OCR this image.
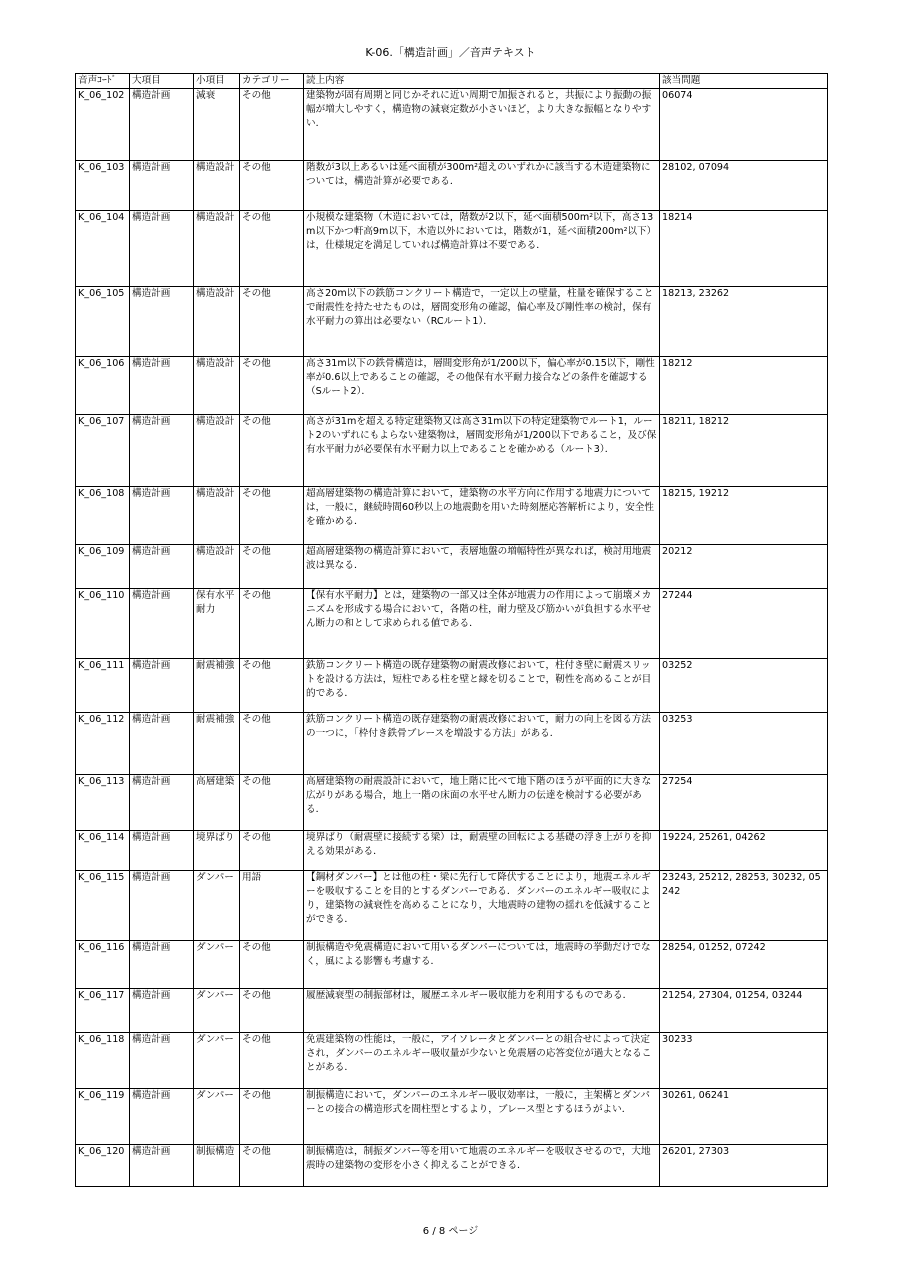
K-06.「構造計画」／音声テキスト
音声ｺｰﾄﾞ	大項目	小項目	カテゴリー	読上内容	該当問題
K_06_102	構造計画	減衰	その他	建築物が固有周期と同じかそれに近い周期で加振されると，共振により振動の振幅が増大しやすく，構造物の減衰定数が小さいほど，より大きな振幅となりやすい．	06074
K_06_103	構造計画	構造設計	その他	階数が3以上あるいは延べ面積が300m²超えのいずれかに該当する木造建築物については，構造計算が必要である．	28102, 07094
K_06_104	構造計画	構造設計	その他	小規模な建築物（木造においては，階数が2以下，延べ面積500m²以下，高さ13m以下かつ軒高9m以下，木造以外においては，階数が1，延べ面積200m²以下）は，仕様規定を満足していれば構造計算は不要である．	18214
K_06_105	構造計画	構造設計	その他	高さ20m以下の鉄筋コンクリート構造で，一定以上の壁量，柱量を確保することで耐震性を持たせたものは，層間変形角の確認，偏心率及び剛性率の検討，保有水平耐力の算出は必要ない（RCルート1）．	18213, 23262
K_06_106	構造計画	構造設計	その他	高さ31m以下の鉄骨構造は，層間変形角が1/200以下，偏心率が0.15以下，剛性率が0.6以上であることの確認，その他保有水平耐力接合などの条件を確認する（Sルート2）．	18212
K_06_107	構造計画	構造設計	その他	高さが31mを超える特定建築物又は高さ31m以下の特定建築物でルート1，ルート2のいずれにもよらない建築物は，層間変形角が1/200以下であること，及び保有水平耐力が必要保有水平耐力以上であることを確かめる（ルート3）．	18211, 18212
K_06_108	構造計画	構造設計	その他	超高層建築物の構造計算において，建築物の水平方向に作用する地震力については，一般に，継続時間60秒以上の地震動を用いた時刻歴応答解析により，安全性を確かめる．	18215, 19212
K_06_109	構造計画	構造設計	その他	超高層建築物の構造計算において，表層地盤の増幅特性が異なれば，検討用地震波は異なる．	20212
K_06_110	構造計画	保有水平耐力	その他	【保有水平耐力】とは，建築物の一部又は全体が地震力の作用によって崩壊メカニズムを形成する場合において，各階の柱，耐力壁及び筋かいが負担する水平せん断力の和として求められる値である．	27244
K_06_111	構造計画	耐震補強	その他	鉄筋コンクリート構造の既存建築物の耐震改修において，柱付き壁に耐震スリットを設ける方法は，短柱である柱を壁と縁を切ることで，靭性を高めることが目的である．	03252
K_06_112	構造計画	耐震補強	その他	鉄筋コンクリート構造の既存建築物の耐震改修において，耐力の向上を図る方法の一つに，「枠付き鉄骨ブレースを増設する方法」がある．	03253
K_06_113	構造計画	高層建築	その他	高層建築物の耐震設計において，地上階に比べて地下階のほうが平面的に大きな広がりがある場合，地上一階の床面の水平せん断力の伝達を検討する必要がある．	27254
K_06_114	構造計画	境界ばり	その他	境界ばり（耐震壁に接続する梁）は，耐震壁の回転による基礎の浮き上がりを抑える効果がある．	19224, 25261, 04262
K_06_115	構造計画	ダンパー	用語	【鋼材ダンパー】とは他の柱・梁に先行して降伏することにより，地震エネルギーを吸収することを目的とするダンパーである．ダンパーのエネルギー吸収により，建築物の減衰性を高めることになり，大地震時の建物の揺れを低減することができる．	23243, 25212, 28253, 30232, 05242
K_06_116	構造計画	ダンパー	その他	制振構造や免震構造において用いるダンパーについては，地震時の挙動だけでなく，風による影響も考慮する．	28254, 01252, 07242
K_06_117	構造計画	ダンパー	その他	履歴減衰型の制振部材は，履歴エネルギー吸収能力を利用するものである．	21254, 27304, 01254, 03244
K_06_118	構造計画	ダンパー	その他	免震建築物の性能は，一般に，アイソレータとダンパーとの組合せによって決定され，ダンパーのエネルギー吸収量が少ないと免震層の応答変位が過大となることがある．	30233
K_06_119	構造計画	ダンパー	その他	制振構造において，ダンパーのエネルギー吸収効率は，一般に，主架構とダンパーとの接合の構造形式を間柱型とするより，ブレース型とするほうがよい．	30261, 06241
K_06_120	構造計画	制振構造	その他	制振構造は，制振ダンパー等を用いて地震のエネルギーを吸収させるので，大地震時の建築物の変形を小さく抑えることができる．	26201, 27303
6 / 8 ページ
